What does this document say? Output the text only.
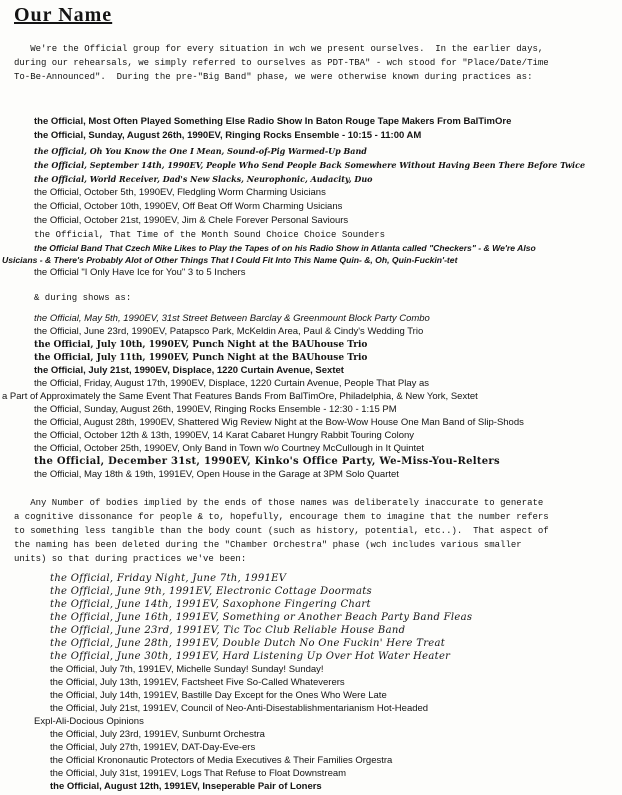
Our Name

We're the Official group for every situation in wch we present ourselves.  In the earlier days,
during our rehearsals, we simply referred to ourselves as PDT-TBA" - wch stood for "Place/Date/Time
To-Be-Announced".  During the pre-"Big Band" phase, we were otherwise known during practices as:

the Official, Most Often Played Something Else Radio Show In Baton Rouge Tape Makers From BalTimOre
the Official, Sunday, August 26th, 1990EV, Ringing Rocks Ensemble - 10:15 - 11:00 AM
the Official, Oh You Know the One I Mean, Sound-of-Pig Warmed-Up Band
the Official, September 14th, 1990EV, People Who Send People Back Somewhere Without Having Been There Before Twice
the Official, World Receiver, Dad's New Slacks, Neurophonic, Audacity, Duo
the Official, October 5th, 1990EV, Fledgling Worm Charming Usicians
the Official, October 10th, 1990EV, Off Beat Off Worm Charming Usicians
the Official, October 21st, 1990EV, Jim & Chele Forever Personal Saviours
the Official, That Time of the Month Sound Choice Choice Sounders
the Official Band That Czech Mike Likes to Play the Tapes of on his Radio Show in Atlanta called "Checkers" - & We're Also
Usicians - & There's Probably Alot of Other Things That I Could Fit Into This Name Quin- &, Oh, Quin-Fuckin'-tet
the Official "I Only Have Ice for You" 3 to 5 Inchers

& during shows as:

the Official, May 5th, 1990EV, 31st Street Between Barclay & Greenmount Block Party Combo
the Official, June 23rd, 1990EV, Patapsco Park, McKeldin Area, Paul & Cindy's Wedding Trio
the Official, July 10th, 1990EV, Punch Night at the BAUhouse Trio
the Official, July 11th, 1990EV, Punch Night at the BAUhouse Trio
the Official, July 21st, 1990EV, Displace, 1220 Curtain Avenue, Sextet
the Official, Friday, August 17th, 1990EV, Displace, 1220 Curtain Avenue, People That Play as
a Part of Approximately the Same Event That Features Bands From BalTimOre, Philadelphia, & New York, Sextet
the Official, Sunday, August 26th, 1990EV, Ringing Rocks Ensemble - 12:30 - 1:15 PM
the Official, August 28th, 1990EV, Shattered Wig Review Night at the Bow-Wow House One Man Band of Slip-Shods
the Official, October 12th & 13th, 1990EV, 14 Karat Cabaret Hungry Rabbit Touring Colony
the Official, October 25th, 1990EV, Only Band in Town w/o Courtney McCullough in It Quintet
the Official, December 31st, 1990EV, Kinko's Office Party, We-Miss-You-Relters
the Official, May 18th & 19th, 1991EV, Open House in the Garage at 3PM Solo Quartet

Any Number of bodies implied by the ends of those names was deliberately inaccurate to generate
a cognitive dissonance for people & to, hopefully, encourage them to imagine that the number refers
to something less tangible than the body count (such as history, potential, etc..).  That aspect of
the naming has been deleted during the "Chamber Orchestra" phase (wch includes various smaller
units) so that during practices we've been:

the Official, Friday Night, June 7th, 1991EV
the Official, June 9th, 1991EV, Electronic Cottage Doormats
the Official, June 14th, 1991EV, Saxophone Fingering Chart
the Official, June 16th, 1991EV, Something or Another Beach Party Band Fleas
the Official, June 23rd, 1991EV, Tic Toc Club Reliable House Band
the Official, June 28th, 1991EV, Double Dutch No One Fuckin' Here Treat
the Official, June 30th, 1991EV, Hard Listening Up Over Hot Water Heater
the Official, July 7th, 1991EV, Michelle Sunday! Sunday! Sunday!
the Official, July 13th, 1991EV, Factsheet Five So-Called Whateverers
the Official, July 14th, 1991EV, Bastille Day Except for the Ones Who Were Late
the Official, July 21st, 1991EV, Council of Neo-Anti-Disestablishmentarianism Hot-Headed
Expl-Ali-Docious Opinions
the Official, July 23rd, 1991EV, Sunburnt Orchestra
the Official, July 27th, 1991EV, DAT-Day-Eve-ers
the Official Krononautic Protectors of Media Executives & Their Families Orgestra
the Official, July 31st, 1991EV, Logs That Refuse to Float Downstream
the Official, August 12th, 1991EV, Inseperable Pair of Loners
